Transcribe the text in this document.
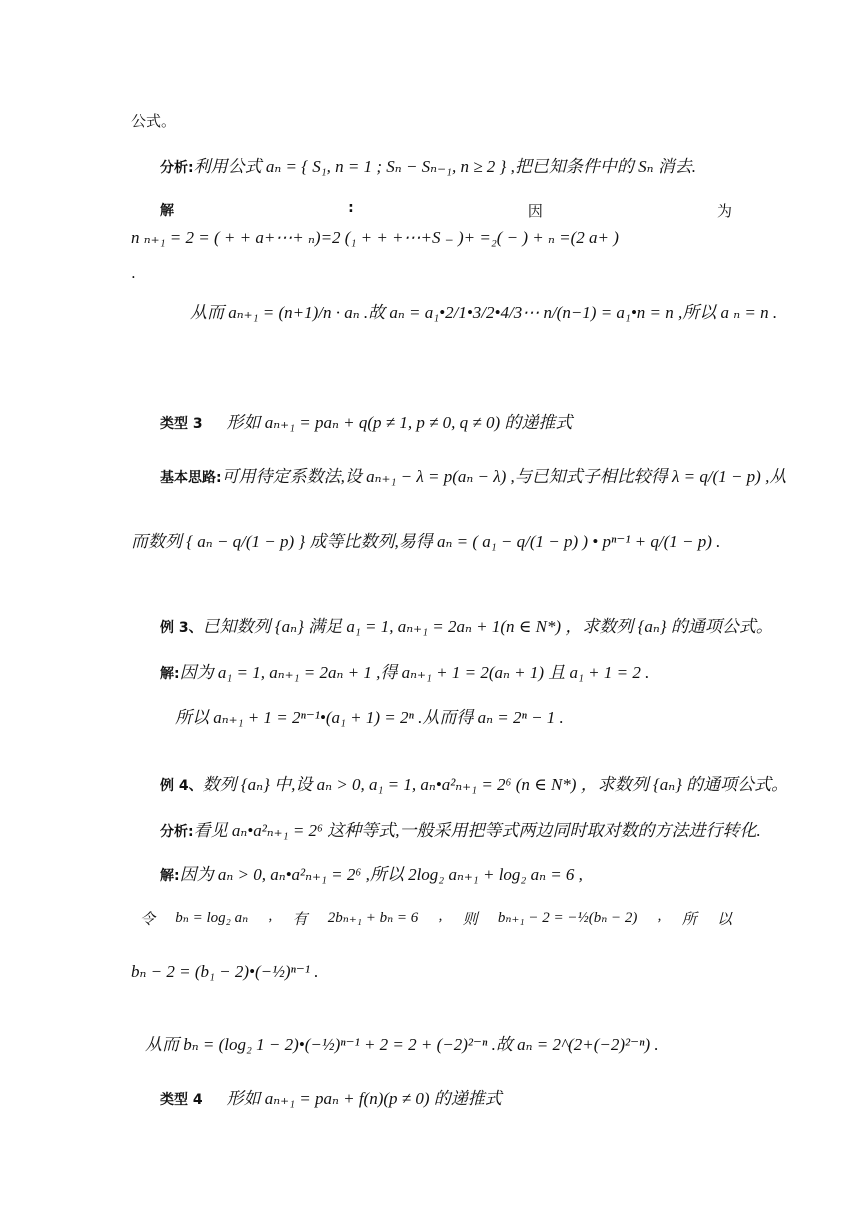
公式。
分析:利用公式 aₙ = { S₁, n = 1 ; Sₙ − Sₙ₋₁, n ≥ 2 } ,把已知条件中的 Sₙ 消去.
解	:	因	为
n ₙ₊₁ = 2 = ( + + a+⋯+ ₙ)=2 (₁ + + +⋯+S ₋ )+ =₂( − ) + ₙ =(2 a+ )
.
从而 aₙ₊₁ = (n+1)/n · aₙ .故 aₙ = a₁•2/1•3/2•4/3⋯ n/(n−1) = a₁•n = n ,所以 a ₙ = n .
类型 3 形如 aₙ₊₁ = paₙ + q(p ≠ 1, p ≠ 0, q ≠ 0) 的递推式
基本思路:可用待定系数法,设 aₙ₊₁ − λ = p(aₙ − λ) ,与已知式子相比较得 λ = q/(1 − p) ,从
而数列 { aₙ − q/(1 − p) } 成等比数列,易得 aₙ = ( a₁ − q/(1 − p) ) • pⁿ⁻¹ + q/(1 − p) .
例 3、已知数列 {aₙ} 满足 a₁ = 1, aₙ₊₁ = 2aₙ + 1(n ∈ N*) ，求数列 {aₙ} 的通项公式。
解:因为 a₁ = 1, aₙ₊₁ = 2aₙ + 1 ,得 aₙ₊₁ + 1 = 2(aₙ + 1) 且 a₁ + 1 = 2 .
所以 aₙ₊₁ + 1 = 2ⁿ⁻¹•(a₁ + 1) = 2ⁿ .从而得 aₙ = 2ⁿ − 1 .
例 4、数列 {aₙ} 中,设 aₙ > 0, a₁ = 1, aₙ•a²ₙ₊₁ = 2⁶ (n ∈ N*) ，求数列 {aₙ} 的通项公式。
分析:看见 aₙ•a²ₙ₊₁ = 2⁶ 这种等式,一般采用把等式两边同时取对数的方法进行转化.
解:因为 aₙ > 0, aₙ•a²ₙ₊₁ = 2⁶ ,所以 2log₂ aₙ₊₁ + log₂ aₙ = 6 ,
令 bₙ = log₂ aₙ , 有 2bₙ₊₁ + bₙ = 6 , 则 bₙ₊₁ − 2 = −½(bₙ − 2) , 所 以
bₙ − 2 = (b₁ − 2)•(−½)ⁿ⁻¹ .
从而 bₙ = (log₂ 1 − 2)•(−½)ⁿ⁻¹ + 2 = 2 + (−2)²⁻ⁿ .故 aₙ = 2^(2+(−2)²⁻ⁿ) .
类型 4 形如 aₙ₊₁ = paₙ + f(n)(p ≠ 0) 的递推式
